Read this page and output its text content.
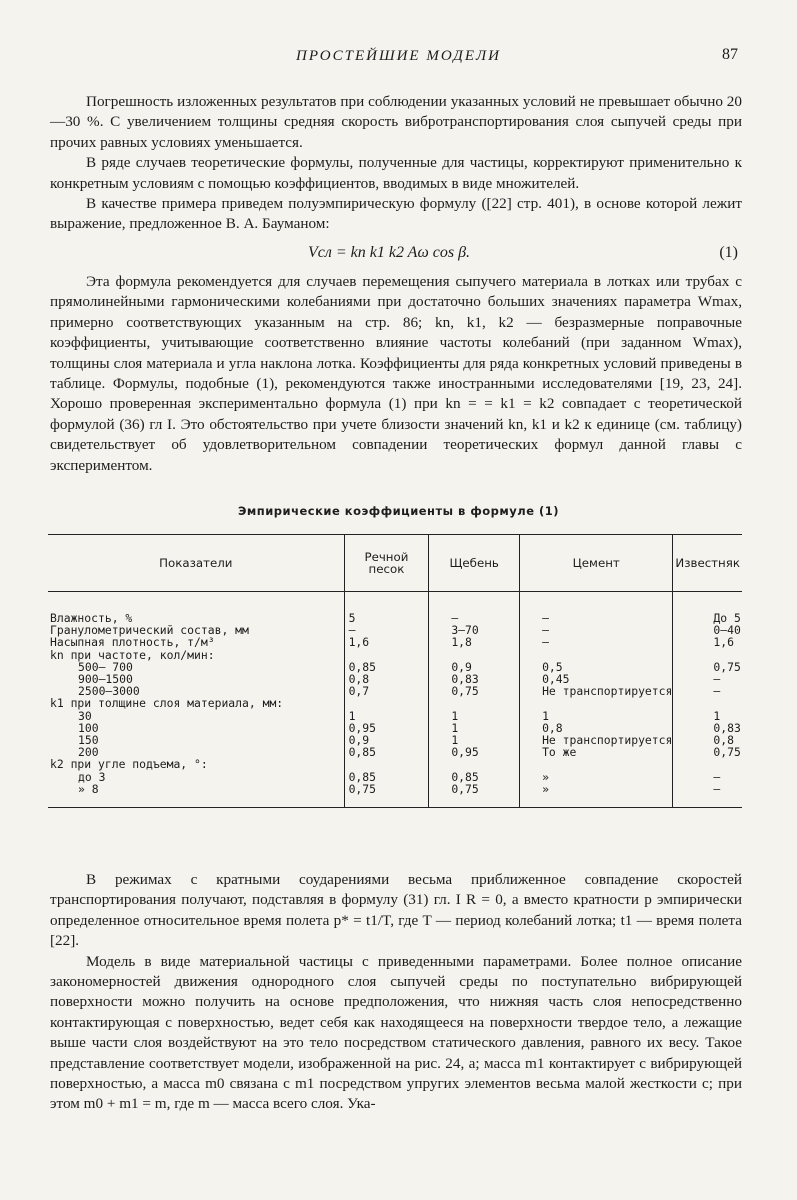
ПРОСТЕЙШИЕ МОДЕЛИ	87

Погрешность изложенных результатов при соблюдении указанных условий не превышает обычно 20—30 %. С увеличением толщины средняя скорость вибротранспортирования слоя сыпучей среды при прочих равных условиях уменьшается.

В ряде случаев теоретические формулы, полученные для частицы, корректируют применительно к конкретным условиям с помощью коэффициентов, вводимых в виде множителей.

В качестве примера приведем полуэмпирическую формулу ([22] стр. 401), в основе которой лежит выражение, предложенное В. А. Бауманом:

Vсл = kn k1 k2 Aω cos β.	(1)

Эта формула рекомендуется для случаев перемещения сыпучего материала в лотках или трубах с прямолинейными гармоническими колебаниями при достаточно больших значениях параметра Wmax, примерно соответствующих указанным на стр. 86; kn, k1, k2 — безразмерные поправочные коэффициенты, учитывающие соответственно влияние частоты колебаний (при заданном Wmax), толщины слоя материала и угла наклона лотка. Коэффициенты для ряда конкретных условий приведены в таблице. Формулы, подобные (1), рекомендуются также иностранными исследователями [19, 23, 24]. Хорошо проверенная экспериментально формула (1) при kn = = k1 = k2 совпадает с теоретической формулой (36) гл I. Это обстоятельство при учете близости значений kn, k1 и k2 к единице (см. таблицу) свидетельствует об удовлетворительном совпадении теоретических формул данной главы с экспериментом.

Эмпирические коэффициенты в формуле (1)
Показатели	Речной песок	Щебень	Цемент	Известняк
Влажность, %	5	—	—	До 5
Гранулометрический состав, мм	—	3—70	—	0—40
Насыпная плотность, т/м³	1,6	1,8	—	1,6
kn при частоте, кол/мин:				
500— 700	0,85	0,9	0,5	0,75
900—1500	0,8	0,83	0,45	—
2500—3000	0,7	0,75	Не транспортируется	—
k1 при толщине слоя материала, мм:				
30	1	1	1	1
100	0,95	1	0,8	0,83
150	0,9	1	Не транспортируется	0,8
200	0,85	0,95	То же	0,75
k2 при угле подъема, °:				
до 3	0,85	0,85	»	—
» 8	0,75	0,75	»	—

В режимах с кратными соударениями весьма приближенное совпадение скоростей транспортирования получают, подставляя в формулу (31) гл. I R = 0, а вместо кратности p эмпирически определенное относительное время полета p* = t1/T, где T — период колебаний лотка; t1 — время полета [22].

Модель в виде материальной частицы с приведенными параметрами. Более полное описание закономерностей движения однородного слоя сыпучей среды по поступательно вибрирующей поверхности можно получить на основе предположения, что нижняя часть слоя непосредственно контактирующая с поверхностью, ведет себя как находящееся на поверхности твердое тело, а лежащие выше части слоя воздействуют на это тело посредством статического давления, равного их весу. Такое представление соответствует модели, изображенной на рис. 24, a; масса m1 контактирует с вибрирующей поверхностью, а масса m0 связана с m1 посредством упругих элементов весьма малой жесткости c; при этом m0 + m1 = m, где m — масса всего слоя. Ука-
